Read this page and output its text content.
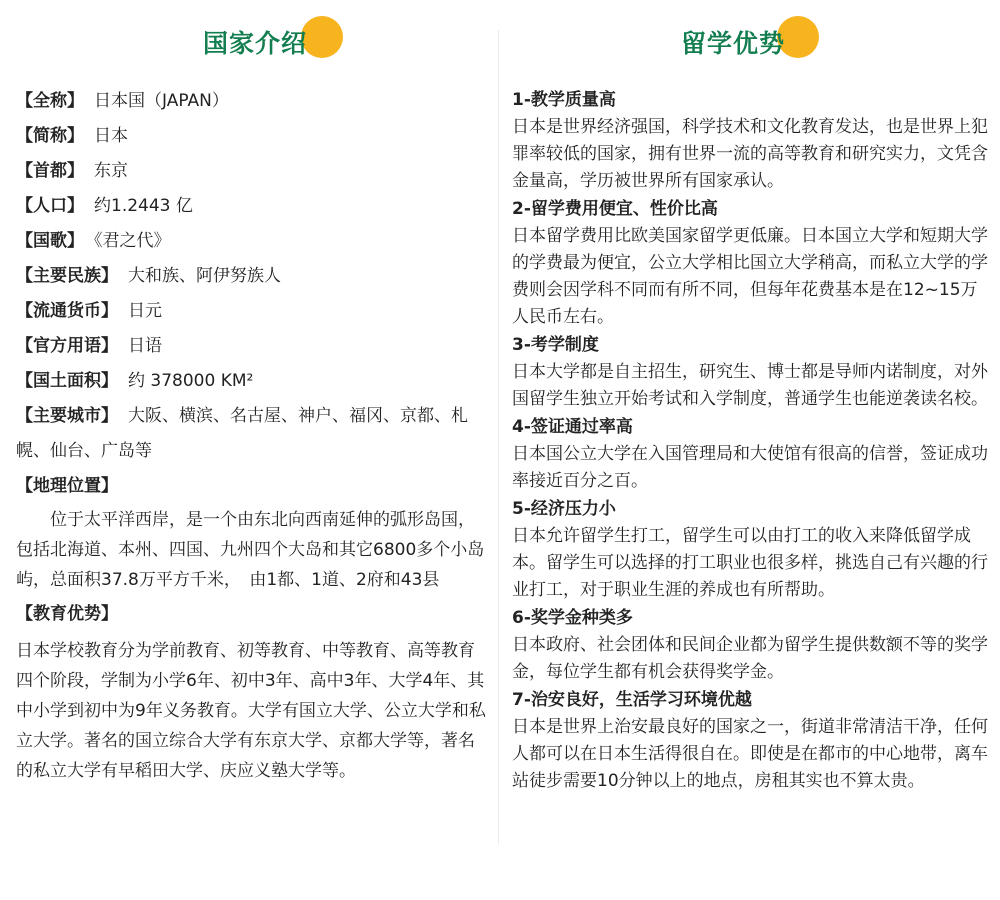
国家介绍	留学优势
【全称】 日本国（JAPAN）
【简称】 日本
【首都】 东京
【人口】 约1.2443 亿
【国歌】 《君之代》
【主要民族】 大和族、阿伊努族人
【流通货币】 日元
【官方用语】 日语
【国土面积】 约 378000 KM²
【主要城市】 大阪、横滨、名古屋、神户、福冈、京都、札幌、仙台、广岛等
【地理位置】
位于太平洋西岸，是一个由东北向西南延伸的弧形岛国，包括北海道、本州、四国、九州四个大岛和其它6800多个小岛屿，总面积37.8万平方千米，　由1都、1道、2府和43县
【教育优势】
日本学校教育分为学前教育、初等教育、中等教育、高等教育四个阶段，学制为小学6年、初中3年、高中3年、大学4年、其中小学到初中为9年义务教育。大学有国立大学、公立大学和私立大学。著名的国立综合大学有东京大学、京都大学等，著名的私立大学有早稻田大学、庆应义塾大学等。
1-教学质量高
日本是世界经济强国，科学技术和文化教育发达，也是世界上犯罪率较低的国家，拥有世界一流的高等教育和研究实力，文凭含金量高，学历被世界所有国家承认。
2-留学费用便宜、性价比高
日本留学费用比欧美国家留学更低廉。日本国立大学和短期大学的学费最为便宜，公立大学相比国立大学稍高，而私立大学的学费则会因学科不同而有所不同，但每年花费基本是在12~15万人民币左右。
3-考学制度
日本大学都是自主招生，研究生、博士都是导师内诺制度，对外国留学生独立开始考试和入学制度，普通学生也能逆袭读名校。
4-签证通过率高
日本国公立大学在入国管理局和大使馆有很高的信誉，签证成功率接近百分之百。
5-经济压力小
日本允许留学生打工，留学生可以由打工的收入来降低留学成本。留学生可以选择的打工职业也很多样，挑选自己有兴趣的行业打工，对于职业生涯的养成也有所帮助。
6-奖学金种类多
日本政府、社会团体和民间企业都为留学生提供数额不等的奖学金，每位学生都有机会获得奖学金。
7-治安良好，生活学习环境优越
日本是世界上治安最良好的国家之一，街道非常清洁干净，任何人都可以在日本生活得很自在。即使是在都市的中心地带，离车站徒步需要10分钟以上的地点，房租其实也不算太贵。
